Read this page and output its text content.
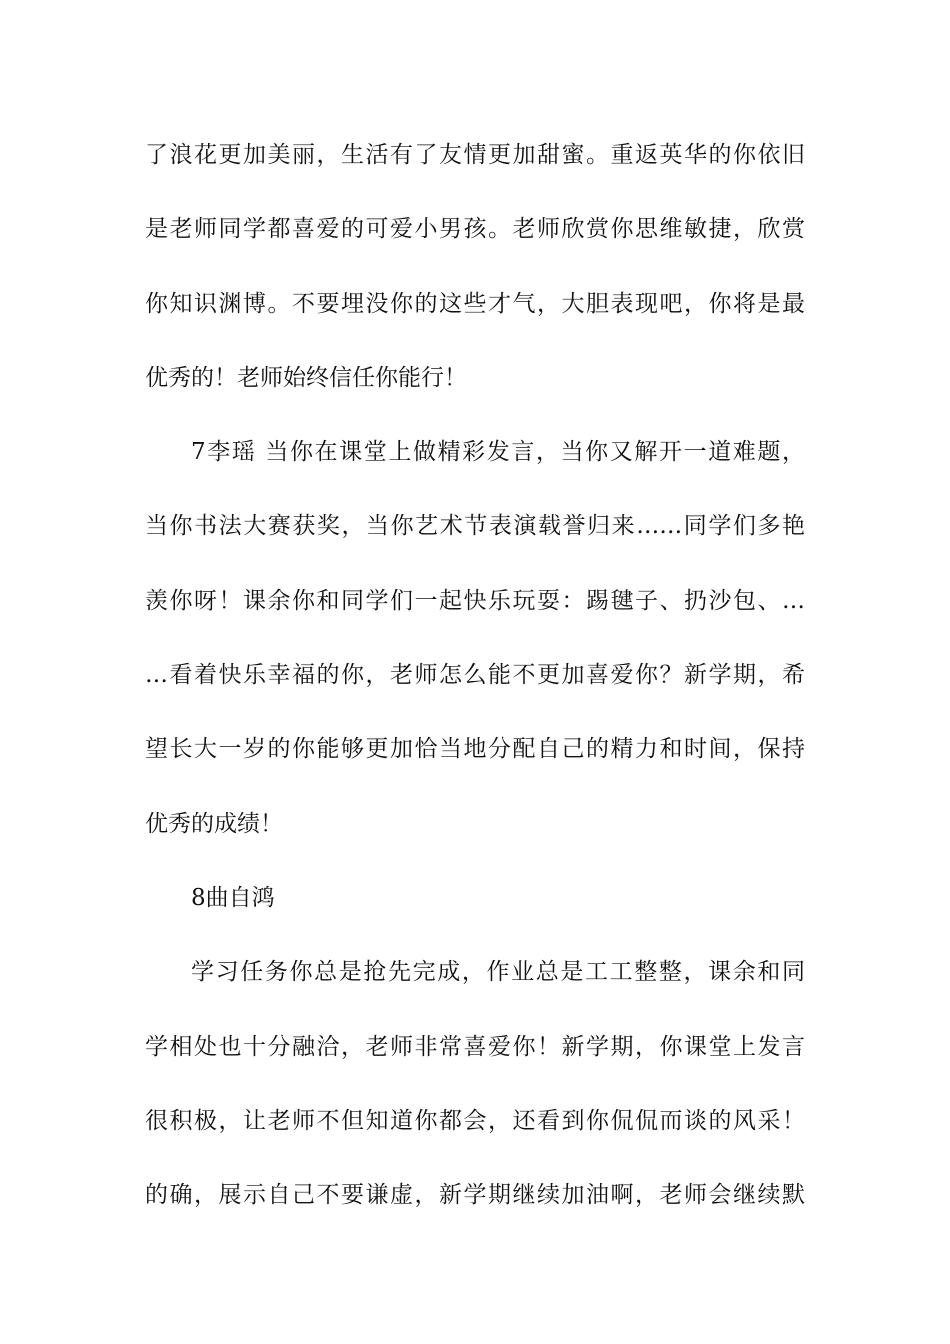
了浪花更加美丽，生活有了友情更加甜蜜。重返英华的你依旧
是老师同学都喜爱的可爱小男孩。老师欣赏你思维敏捷，欣赏
你知识渊博。不要埋没你的这些才气，大胆表现吧，你将是最
优秀的！老师始终信任你能行！
7李瑶 当你在课堂上做精彩发言，当你又解开一道难题，
当你书法大赛获奖，当你艺术节表演载誉归来……同学们多艳
羡你呀！课余你和同学们一起快乐玩耍：踢毽子、扔沙包、…
…看着快乐幸福的你，老师怎么能不更加喜爱你？新学期，希
望长大一岁的你能够更加恰当地分配自己的精力和时间，保持
优秀的成绩！
8曲自鸿
学习任务你总是抢先完成，作业总是工工整整，课余和同
学相处也十分融洽，老师非常喜爱你！新学期，你课堂上发言
很积极，让老师不但知道你都会，还看到你侃侃而谈的风采！
的确，展示自己不要谦虚，新学期继续加油啊，老师会继续默
